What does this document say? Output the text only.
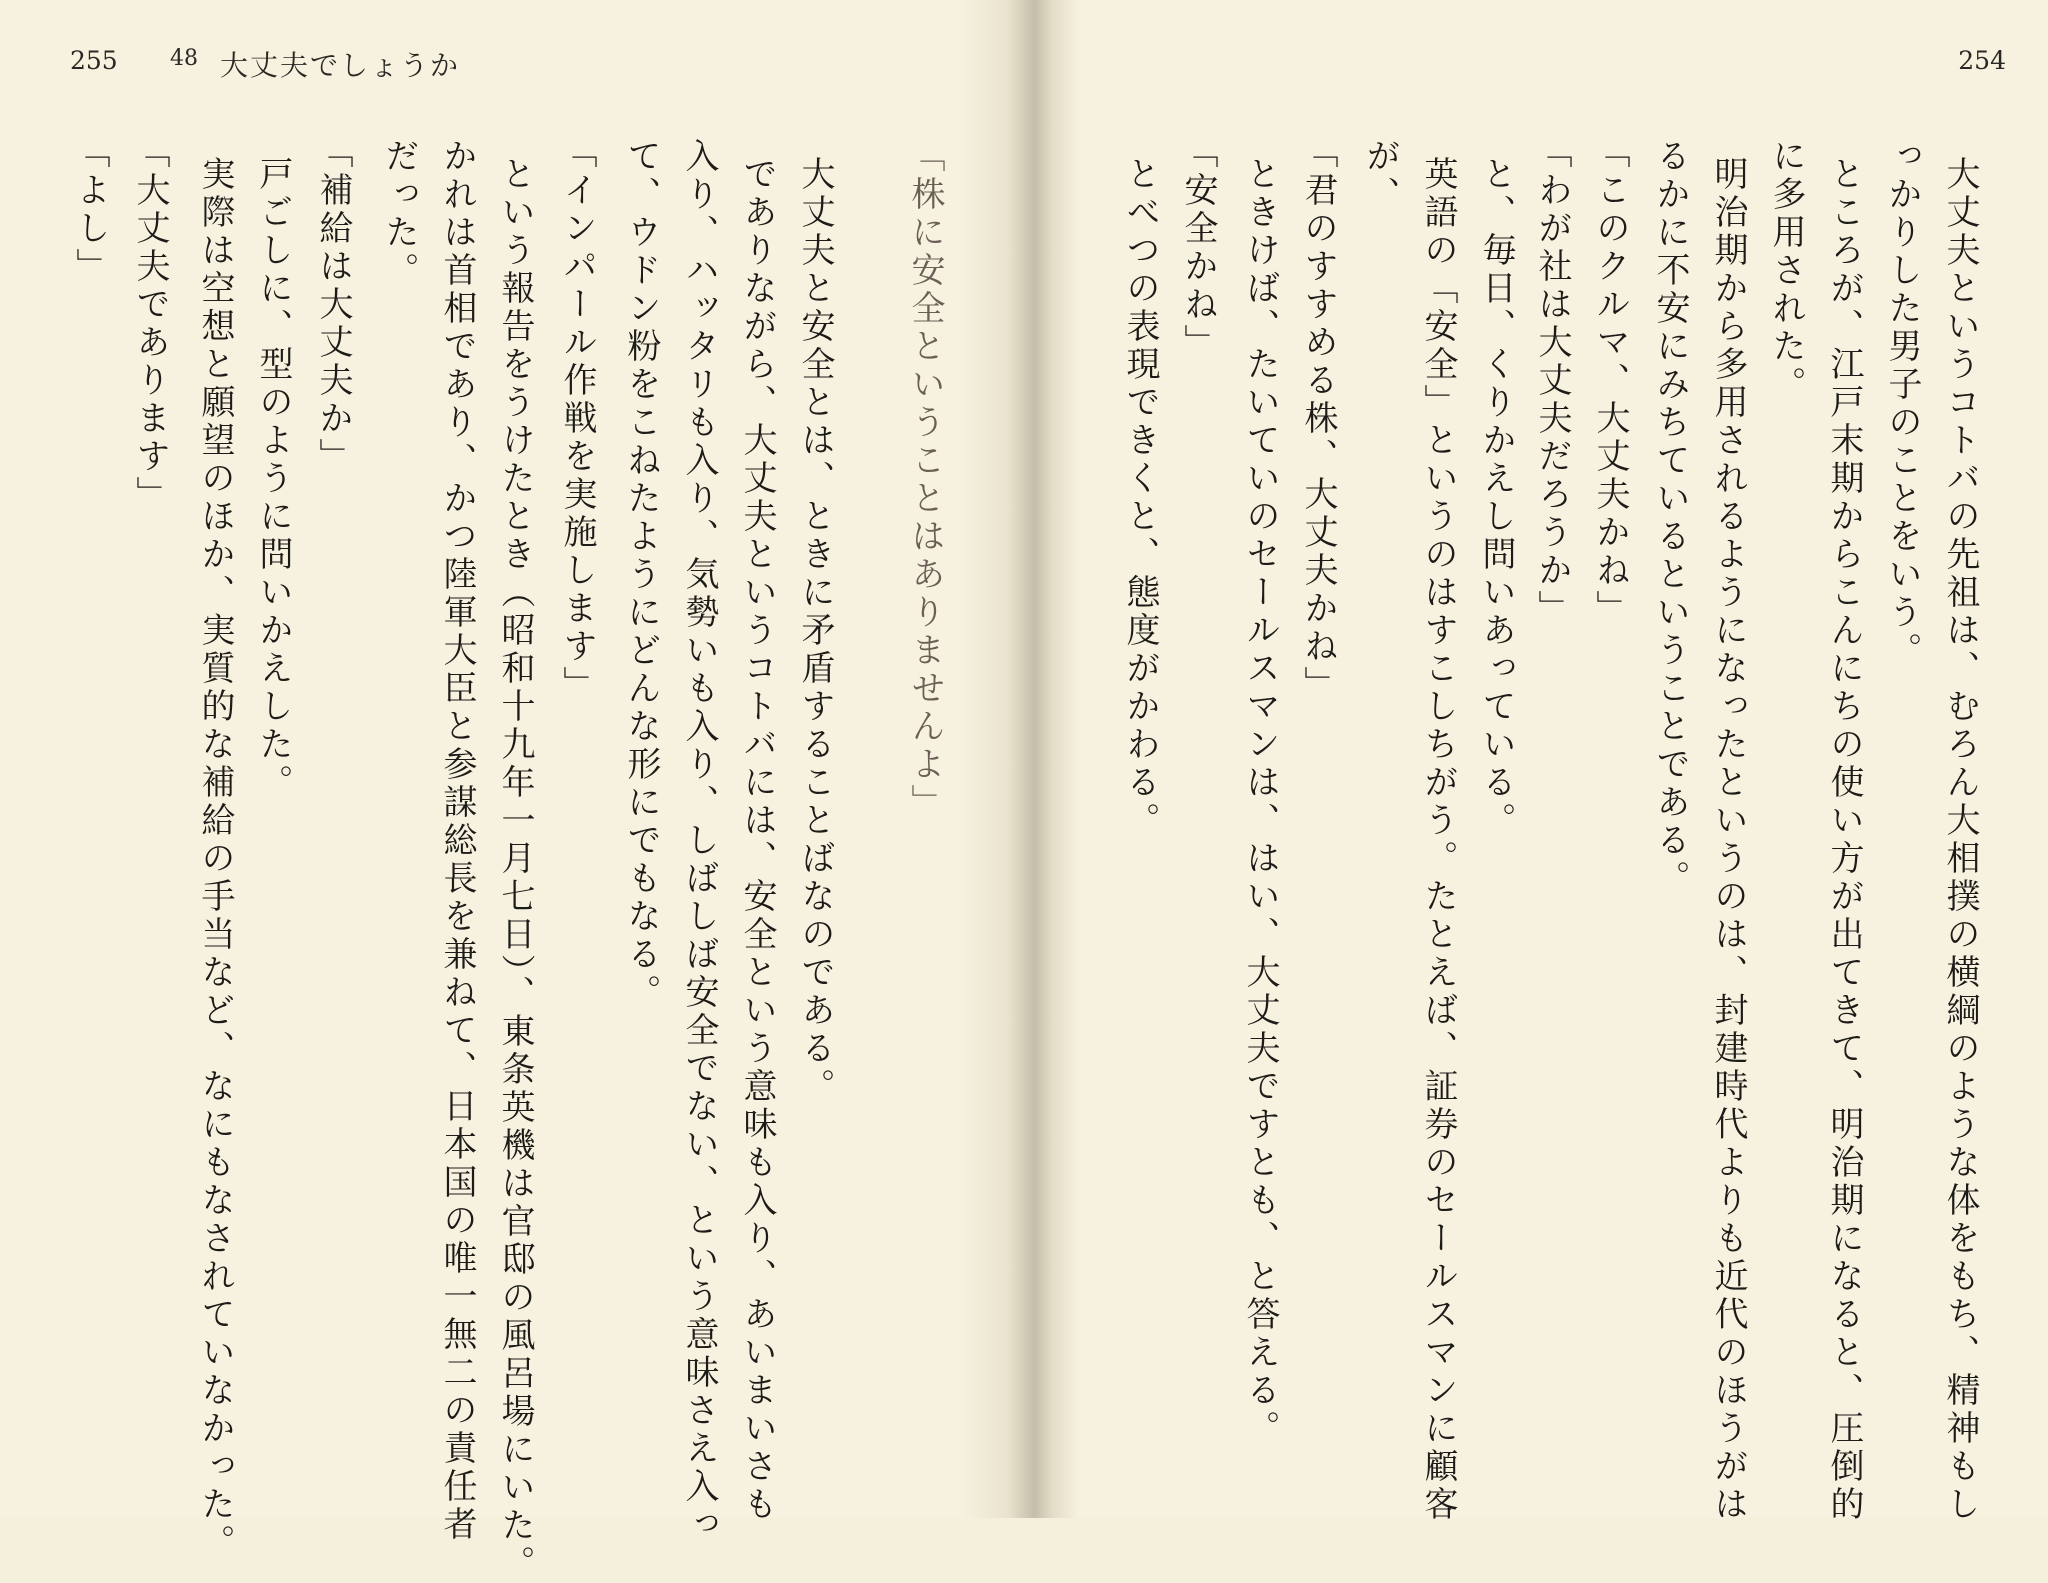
255 48 大丈夫でしょうか
「株に安全ということはありませんよ」
大丈夫と安全とは、ときに矛盾することばなのである。
でありながら、大丈夫というコトバには、安全という意味も入り、あいまいさも
入り、ハッタリも入り、気勢いも入り、しばしば安全でない、という意味さえ入っ
て、ウドン粉をこねたようにどんな形にでもなる。
「インパール作戦を実施します」
という報告をうけたとき（昭和十九年一月七日）、東条英機は官邸の風呂場にいた。
かれは首相であり、かつ陸軍大臣と参謀総長を兼ねて、日本国の唯一無二の責任者
だった。
「補給は大丈夫か」
戸ごしに、型のように問いかえした。
実際は空想と願望のほか、実質的な補給の手当など、なにもなされていなかった。
「大丈夫であります」
「よし」
254
大丈夫というコトバの先祖は、むろん大相撲の横綱のような体をもち、精神もし
っかりした男子のことをいう。
ところが、江戸末期からこんにちの使い方が出てきて、明治期になると、圧倒的
に多用された。
明治期から多用されるようになったというのは、封建時代よりも近代のほうがは
るかに不安にみちているということである。
「このクルマ、大丈夫かね」
「わが社は大丈夫だろうか」
と、毎日、くりかえし問いあっている。
英語の「安全」というのはすこしちがう。たとえば、証券のセールスマンに顧客
が、
「君のすすめる株、大丈夫かね」
ときけば、たいていのセールスマンは、はい、大丈夫ですとも、と答える。
「安全かね」
とべつの表現できくと、態度がかわる。
